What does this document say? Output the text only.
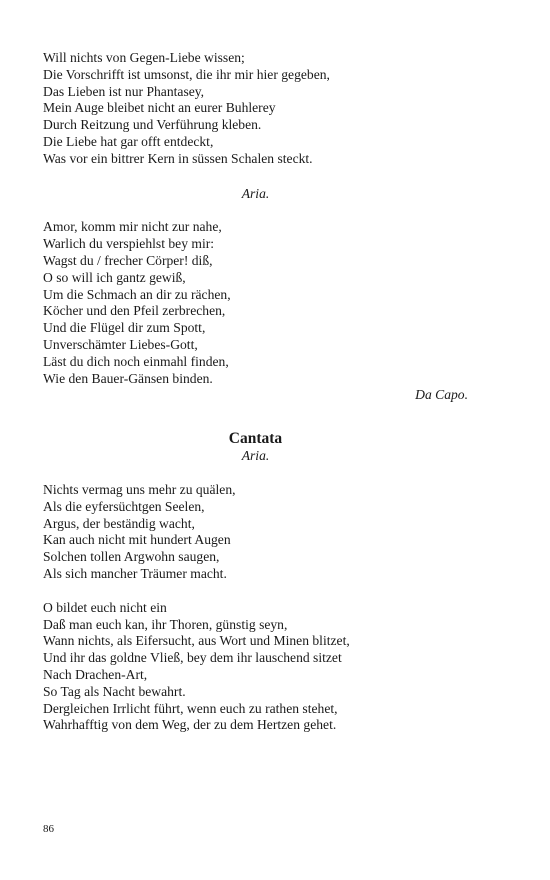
Will nichts von Gegen-Liebe wissen;
Die Vorschrifft ist umsonst, die ihr mir hier gegeben,
Das Lieben ist nur Phantasey,
Mein Auge bleibet nicht an eurer Buhlerey
Durch Reitzung und Verführung kleben.
Die Liebe hat gar offt entdeckt,
Was vor ein bittrer Kern in süssen Schalen steckt.
Aria.
Amor, komm mir nicht zur nahe,
Warlich du verspiehlst bey mir:
Wagst du / frecher Cörper! diß,
O so will ich gantz gewiß,
Um die Schmach an dir zu rächen,
Köcher und den Pfeil zerbrechen,
Und die Flügel dir zum Spott,
Unverschämter Liebes-Gott,
Läst du dich noch einmahl finden,
Wie den Bauer-Gänsen binden.
Da Capo.
Cantata
Aria.
Nichts vermag uns mehr zu quälen,
Als die eyfersüchtgen Seelen,
Argus, der beständig wacht,
Kan auch nicht mit hundert Augen
Solchen tollen Argwohn saugen,
Als sich mancher Träumer macht.
O bildet euch nicht ein
Daß man euch kan, ihr Thoren, günstig seyn,
Wann nichts, als Eifersucht, aus Wort und Minen blitzet,
Und ihr das goldne Vließ, bey dem ihr lauschend sitzet
Nach Drachen-Art,
So Tag als Nacht bewahrt.
Dergleichen Irrlicht führt, wenn euch zu rathen stehet,
Wahrhafftig von dem Weg, der zu dem Hertzen gehet.
86
